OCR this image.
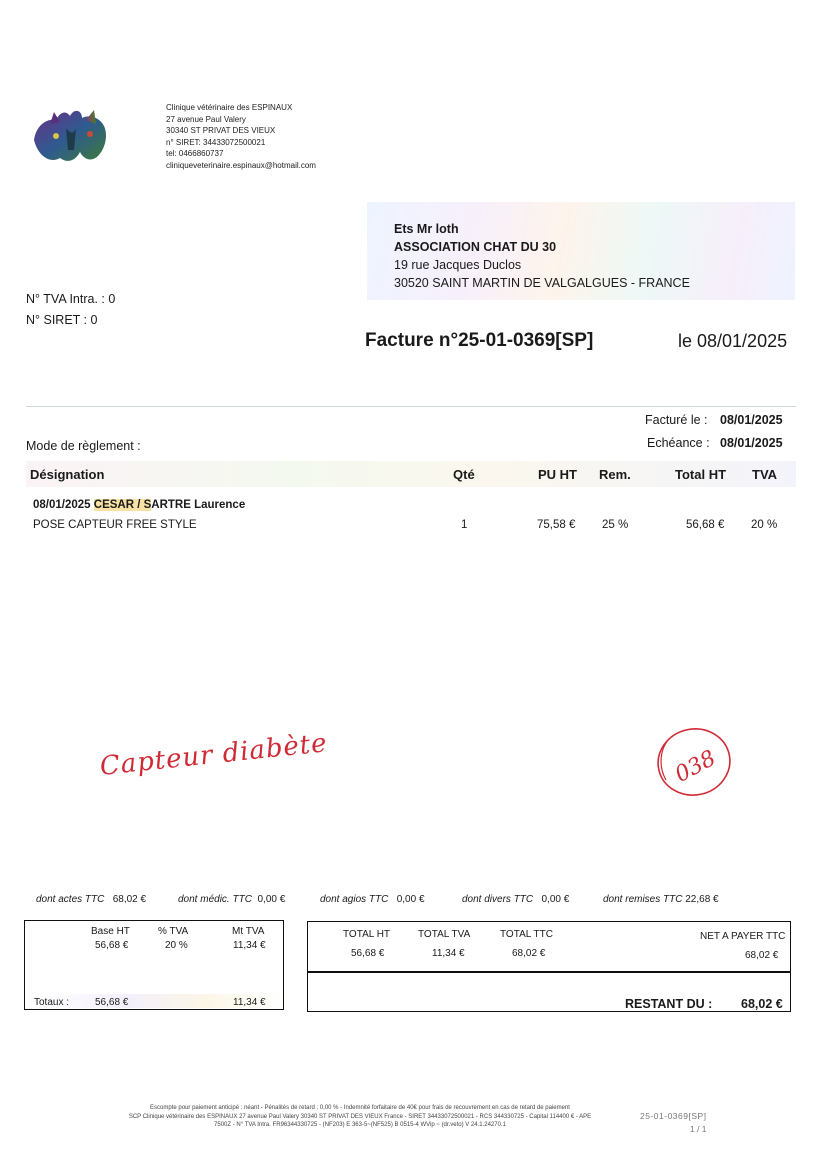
Clinique vétérinaire des ESPINAUX
27 avenue Paul Valery
30340 ST PRIVAT DES VIEUX
n° SIRET: 34433072500021
tel: 0466860737
cliniqueveterinaire.espinaux@hotmail.com
Ets Mr loth
ASSOCIATION CHAT DU 30
19 rue Jacques Duclos
30520 SAINT MARTIN DE VALGALGUES - FRANCE
N° TVA Intra. : 0
N° SIRET : 0
Facture n°25-01-0369[SP]	le 08/01/2025
Facturé le : 08/01/2025
Echéance : 08/01/2025
Mode de règlement :
Désignation	Qté	PU HT Rem.	Total HT TVA
08/01/2025 CESAR / SARTRE Laurence
POSE CAPTEUR FREE STYLE	1	75,58 € 25 %	56,68 € 20 %
Capteur diabète	038
dont actes TTC 68,02 €	dont médic. TTC 0,00 €	dont agios TTC 0,00 €	dont divers TTC 0,00 €	dont remises TTC 22,68 €
Base HT	% TVA	Mt TVA
56,68 €	20 %	11,34 €
Totaux :	56,68 €	11,34 €
TOTAL HT	TOTAL TVA	TOTAL TTC	NET A PAYER TTC
56,68 €	11,34 €	68,02 €	68,02 €
RESTANT DU : 68,02 €
Escompte pour paiement anticipé : néant - Pénalités de retard : 0,00 % - Indemnité forfaitaire de 40€ pour frais de recouvrement en cas de retard de paiement
SCP Clinique vétérinaire des ESPINAUX 27 avenue Paul Valery 30340 ST PRIVAT DES VIEUX France - SIRET 34433072500021 - RCS 344330725 - Capital 114400 € - APE
7500Z - N° TVA Intra. FR96344330725 - (NF203) E 363-5~(NF525) B 0515-4 WVip ~ (dr.veto) V 24.1.24270.1
25-01-0369[SP]
1 / 1
